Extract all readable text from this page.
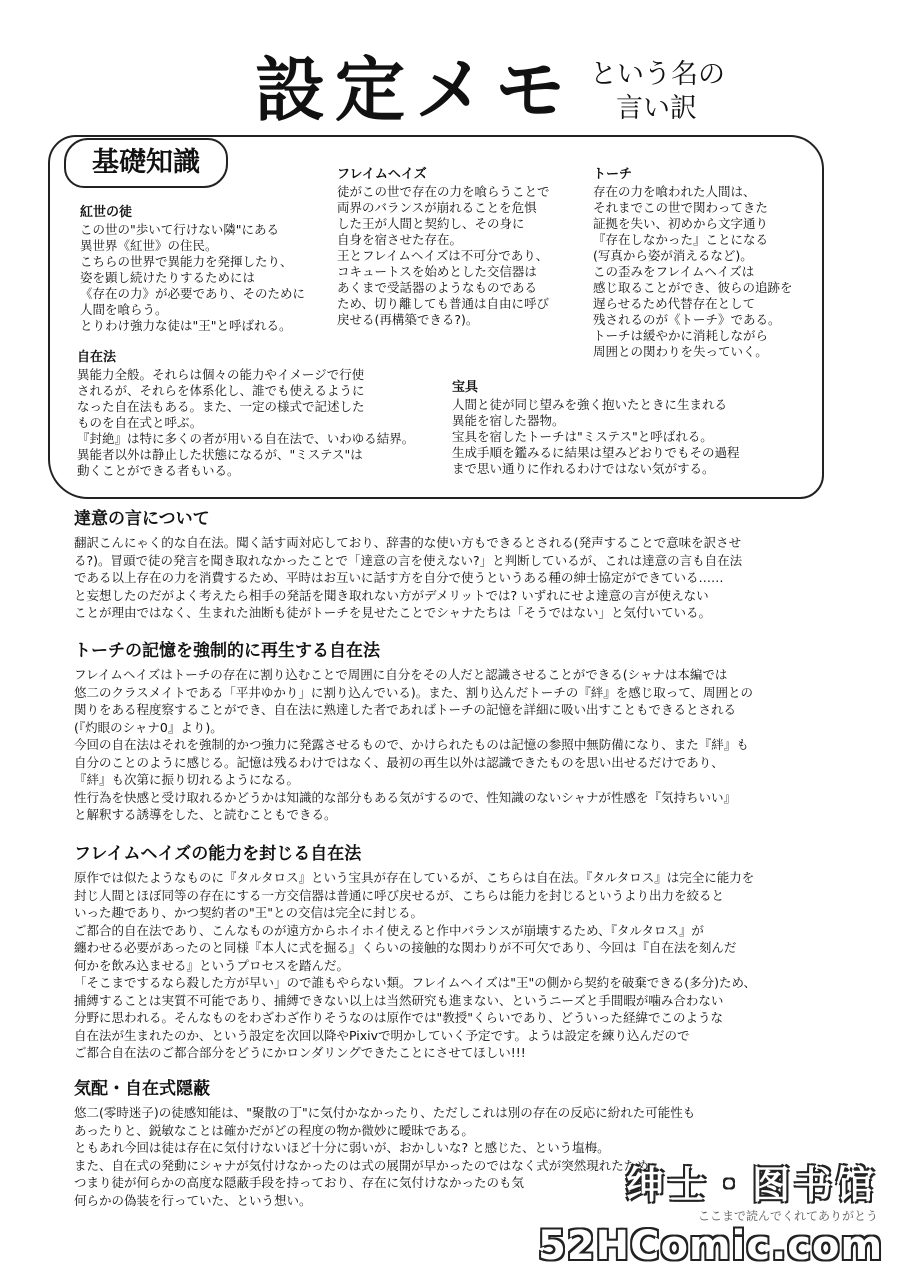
設定メモ という名の
言い訳
基礎知識
紅世の徒

この世の"歩いて行けない隣"にある

異世界《紅世》の住民。

こちらの世界で異能力を発揮したり、

姿を顕し続けたりするためには

《存在の力》が必要であり、そのために

人間を喰らう。

とりわけ強力な徒は"王"と呼ばれる。

フレイムヘイズ

徒がこの世で存在の力を喰らうことで

両界のバランスが崩れることを危惧

した王が人間と契約し、その身に

自身を宿させた存在。

王とフレイムヘイズは不可分であり、

コキュートスを始めとした交信器は

あくまで受話器のようなものである

ため、切り離しても普通は自由に呼び

戻せる(再構築できる?)。

トーチ

存在の力を喰われた人間は、

それまでこの世で関わってきた

証拠を失い、初めから文字通り

『存在しなかった』ことになる

(写真から姿が消えるなど)。

この歪みをフレイムヘイズは

感じ取ることができ、彼らの追跡を

遅らせるため代替存在として

残されるのが《トーチ》である。

トーチは緩やかに消耗しながら

周囲との関わりを失っていく。

自在法

異能力全般。それらは個々の能力やイメージで行使

されるが、それらを体系化し、誰でも使えるように

なった自在法もある。また、一定の様式で記述した

ものを自在式と呼ぶ。

『封絶』は特に多くの者が用いる自在法で、いわゆる結界。

異能者以外は静止した状態になるが、"ミステス"は

動くことができる者もいる。

宝具

人間と徒が同じ望みを強く抱いたときに生まれる

異能を宿した器物。

宝具を宿したトーチは"ミステス"と呼ばれる。

生成手順を鑑みるに結果は望みどおりでもその過程

まで思い通りに作れるわけではない気がする。

達意の言について

翻訳こんにゃく的な自在法。聞く話す両対応しており、辞書的な使い方もできるとされる(発声することで意味を訳させ

る?)。冒頭で徒の発言を聞き取れなかったことで「達意の言を使えない?」と判断しているが、これは達意の言も自在法

である以上存在の力を消費するため、平時はお互いに話す方を自分で使うというある種の紳士協定ができている……

と妄想したのだがよく考えたら相手の発話を聞き取れない方がデメリットでは? いずれにせよ達意の言が使えない

ことが理由ではなく、生まれた油断も徒がトーチを見せたことでシャナたちは「そうではない」と気付いている。

トーチの記憶を強制的に再生する自在法

フレイムヘイズはトーチの存在に割り込むことで周囲に自分をその人だと認識させることができる(シャナは本編では

悠二のクラスメイトである「平井ゆかり」に割り込んでいる)。また、割り込んだトーチの『絆』を感じ取って、周囲との

関りをある程度察することができ、自在法に熟達した者であればトーチの記憶を詳細に吸い出すこともできるとされる

(『灼眼のシャナ0』より)。

今回の自在法はそれを強制的かつ強力に発露させるもので、かけられたものは記憶の参照中無防備になり、また『絆』も

自分のことのように感じる。記憶は残るわけではなく、最初の再生以外は認識できたものを思い出せるだけであり、

『絆』も次第に振り切れるようになる。

性行為を快感と受け取れるかどうかは知識的な部分もある気がするので、性知識のないシャナが性感を『気持ちいい』

と解釈する誘導をした、と読むこともできる。

フレイムヘイズの能力を封じる自在法

原作では似たようなものに『タルタロス』という宝具が存在しているが、こちらは自在法。『タルタロス』は完全に能力を

封じ人間とほぼ同等の存在にする一方交信器は普通に呼び戻せるが、こちらは能力を封じるというより出力を絞ると

いった趣であり、かつ契約者の"王"との交信は完全に封じる。

ご都合的自在法であり、こんなものが遠方からホイホイ使えると作中バランスが崩壊するため、『タルタロス』が

纏わせる必要があったのと同様『本人に式を掘る』くらいの接触的な関わりが不可欠であり、今回は『自在法を刻んだ

何かを飲み込ませる』というプロセスを踏んだ。

「そこまでするなら殺した方が早い」ので誰もやらない類。フレイムヘイズは"王"の側から契約を破棄できる(多分)ため、

捕縛することは実質不可能であり、捕縛できない以上は当然研究も進まない、というニーズと手間暇が噛み合わない

分野に思われる。そんなものをわざわざ作りそうなのは原作では"教授"くらいであり、どういった経緯でこのような

自在法が生まれたのか、という設定を次回以降やPixivで明かしていく予定です。ようは設定を練り込んだので

ご都合自在法のご都合部分をどうにかロンダリングできたことにさせてほしい!!!

気配・自在式隠蔽

悠二(零時迷子)の徒感知能は、"聚散の丁"に気付かなかったり、ただしこれは別の存在の反応に紛れた可能性も

あったりと、鋭敏なことは確かだがどの程度の物か微妙に曖昧である。

ともあれ今回は徒は存在に気付けないほど十分に弱いが、おかしいな? と感じた、という塩梅。

また、自在式の発動にシャナが気付けなかったのは式の展開が早かったのではなく式が突然現れたため。

つまり徒が何らかの高度な隠蔽手段を持っており、存在に気付けなかったのも気

何らかの偽装を行っていた、という想い。	绅士・图书馆
ここまで読んでくれてありがとう
52HComic.com
